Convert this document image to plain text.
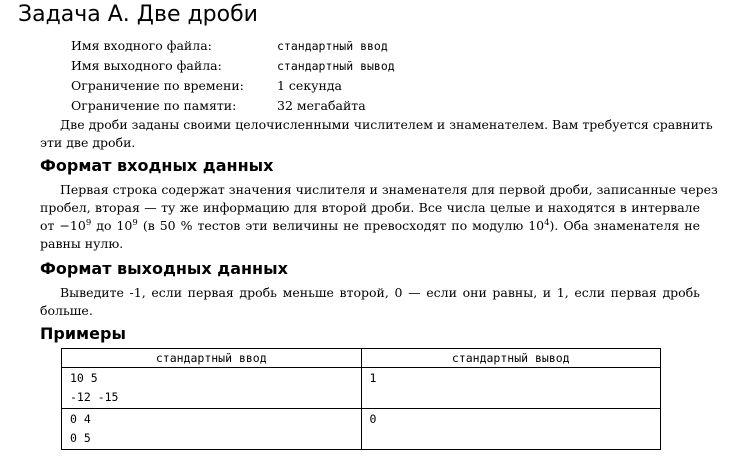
Задача А. Две дроби
Имя входного файла:	стандартный ввод
Имя выходного файла:	стандартный вывод
Ограничение по времени:	1 секунда
Ограничение по памяти:	32 мегабайта
Две дроби заданы своими целочисленными числителем и знаменателем. Вам требуется сравнить
эти две дроби.
Формат входных данных
Первая строка содержат значения числителя и знаменателя для первой дроби, записанные через
пробел, вторая — ту же информацию для второй дроби. Все числа целые и находятся в интервале
от $-10^9$ до $10^9$ (в 50 % тестов эти величины не превосходят по модулю $10^4$). Оба знаменателя не
равны нулю.
Формат выходных данных
Выведите -1, если первая дробь меньше второй, 0 — если они равны, и 1, если первая дробь
больше.
Примеры
стандартный ввод	стандартный вывод

10 5
-12 -15	1

0 4
0 5	0
